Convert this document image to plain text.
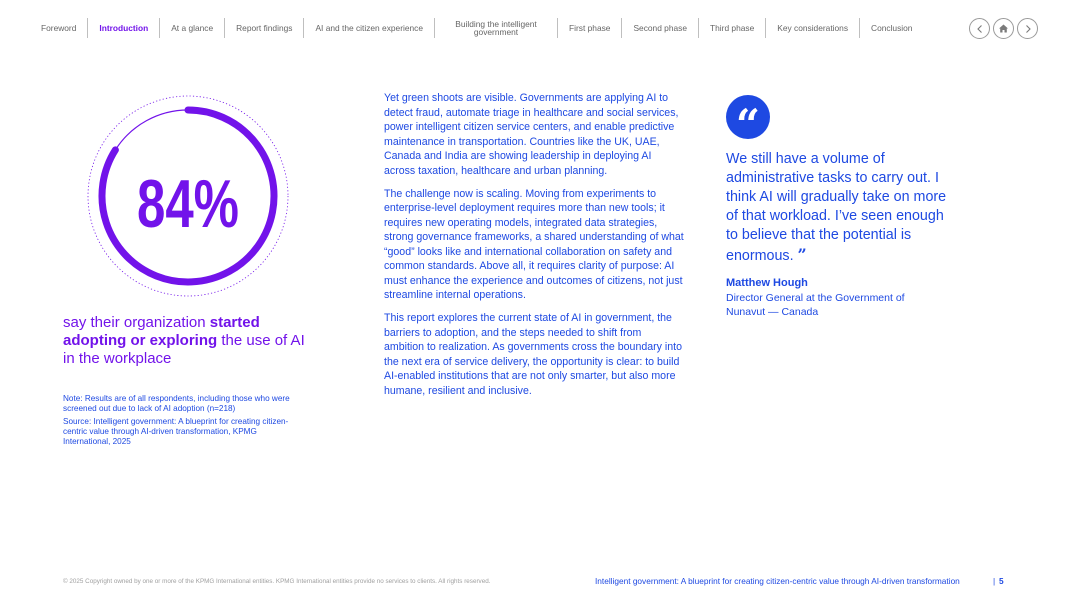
Foreword	Introduction	At a glance	Report findings	AI and the citizen experience	Building the intelligent government	First phase	Second phase	Third phase	Key considerations	Conclusion
84%
say their organization started adopting or exploring the use of AI in the workplace

Note: Results are of all respondents, including those who were screened out due to lack of AI adoption (n=218)

Source: Intelligent government: A blueprint for creating citizen-centric value through AI-driven transformation, KPMG International, 2025

Yet green shoots are visible. Governments are applying AI to detect fraud, automate triage in healthcare and social services, power intelligent citizen service centers, and enable predictive maintenance in transportation. Countries like the UK, UAE, Canada and India are showing leadership in deploying AI across taxation, healthcare and urban planning.

The challenge now is scaling. Moving from experiments to enterprise-level deployment requires more than new tools; it requires new operating models, integrated data strategies, strong governance frameworks, a shared understanding of what “good” looks like and international collaboration on safety and common standards. Above all, it requires clarity of purpose: AI must enhance the experience and outcomes of citizens, not just streamline internal operations.

This report explores the current state of AI in government, the barriers to adoption, and the steps needed to shift from ambition to realization. As governments cross the boundary into the next era of service delivery, the opportunity is clear: to build AI-enabled institutions that are not only smarter, but also more humane, resilient and inclusive.

“
We still have a volume of administrative tasks to carry out. I think AI will gradually take on more of that workload. I’ve seen enough to believe that the potential is enormous. ”
Matthew Hough
Director General at the Government of Nunavut — Canada
© 2025 Copyright owned by one or more of the KPMG International entities. KPMG International entities provide no services to clients. All rights reserved.	Intelligent government: A blueprint for creating citizen-centric value through AI-driven transformation	| 5
